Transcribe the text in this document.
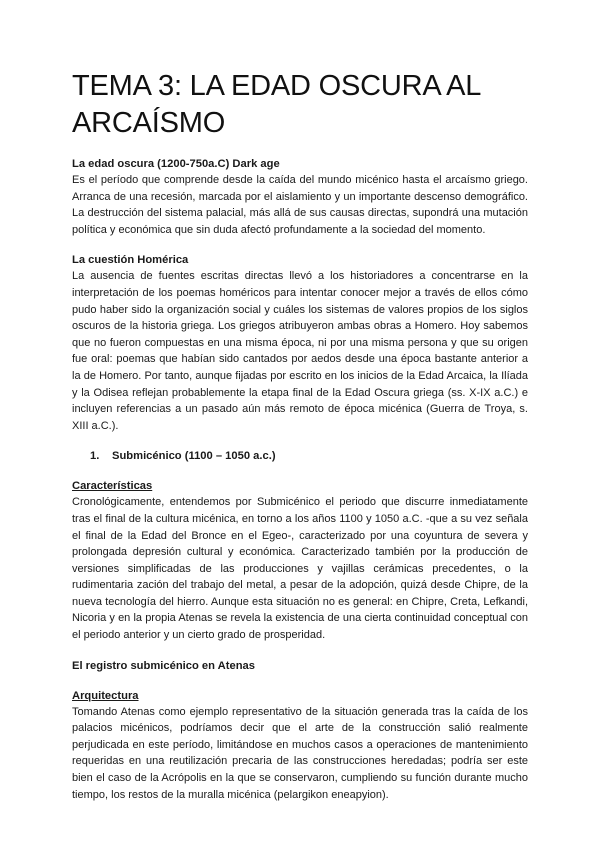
TEMA 3: LA EDAD OSCURA AL ARCAÍSMO

La edad oscura (1200-750a.C) Dark age

Es el período que comprende desde la caída del mundo micénico hasta el arcaísmo griego. Arranca de una recesión, marcada por el aislamiento y un importante descenso demográfico. La destrucción del sistema palacial, más allá de sus causas directas, supondrá una mutación política y económica que sin duda afectó profundamente a la sociedad del momento.

La cuestión Homérica

La ausencia de fuentes escritas directas llevó a los historiadores a concentrarse en la interpretación de los poemas homéricos para intentar conocer mejor a través de ellos cómo pudo haber sido la organización social y cuáles los sistemas de valores propios de los siglos oscuros de la historia griega. Los griegos atribuyeron ambas obras a Homero. Hoy sabemos que no fueron compuestas en una misma época, ni por una misma persona y que su origen fue oral: poemas que habían sido cantados por aedos desde una época bastante anterior a la de Homero. Por tanto, aunque fijadas por escrito en los inicios de la Edad Arcaica, la Ilíada y la Odisea reflejan probablemente la etapa final de la Edad Oscura griega (ss. X-IX a.C.) e incluyen referencias a un pasado aún más remoto de época micénica (Guerra de Troya, s. XIII a.C.).

1.	Submicénico (1100 – 1050 a.c.)

Características

Cronológicamente, entendemos por Submicénico el periodo que discurre inmediatamente tras el ﬁnal de la cultura micénica, en torno a los años 1100 y 1050 a.C. -que a su vez señala el final de la Edad del Bronce en el Egeo-, caracterizado por una coyuntura de severa y prolongada depresión cultural y económica. Caracterizado también por la producción de versiones simplificadas de las producciones y vajillas cerámicas precedentes, o la rudimentaria zación del trabajo del metal, a pesar de la adopción, quizá desde Chipre, de la nueva tecnología del hierro. Aunque esta situación no es general: en Chipre, Creta, Lefkandi, Nicoria y en la propia Atenas se revela la existencia de una cierta continuidad conceptual con el periodo anterior y un cierto grado de prosperidad.

El registro submicénico en Atenas

Arquitectura

Tomando Atenas como ejemplo representativo de la situación generada tras la caída de los palacios micénicos, podríamos decir que el arte de la construcción salió realmente perjudicada en este período, limitándose en muchos casos a operaciones de mantenimiento requeridas en una reutilización precaria de las construcciones heredadas; podría ser este bien el caso de la Acrópolis en la que se conservaron, cumpliendo su función durante mucho tiempo, los restos de la muralla micénica (pelargikon eneapyion).
